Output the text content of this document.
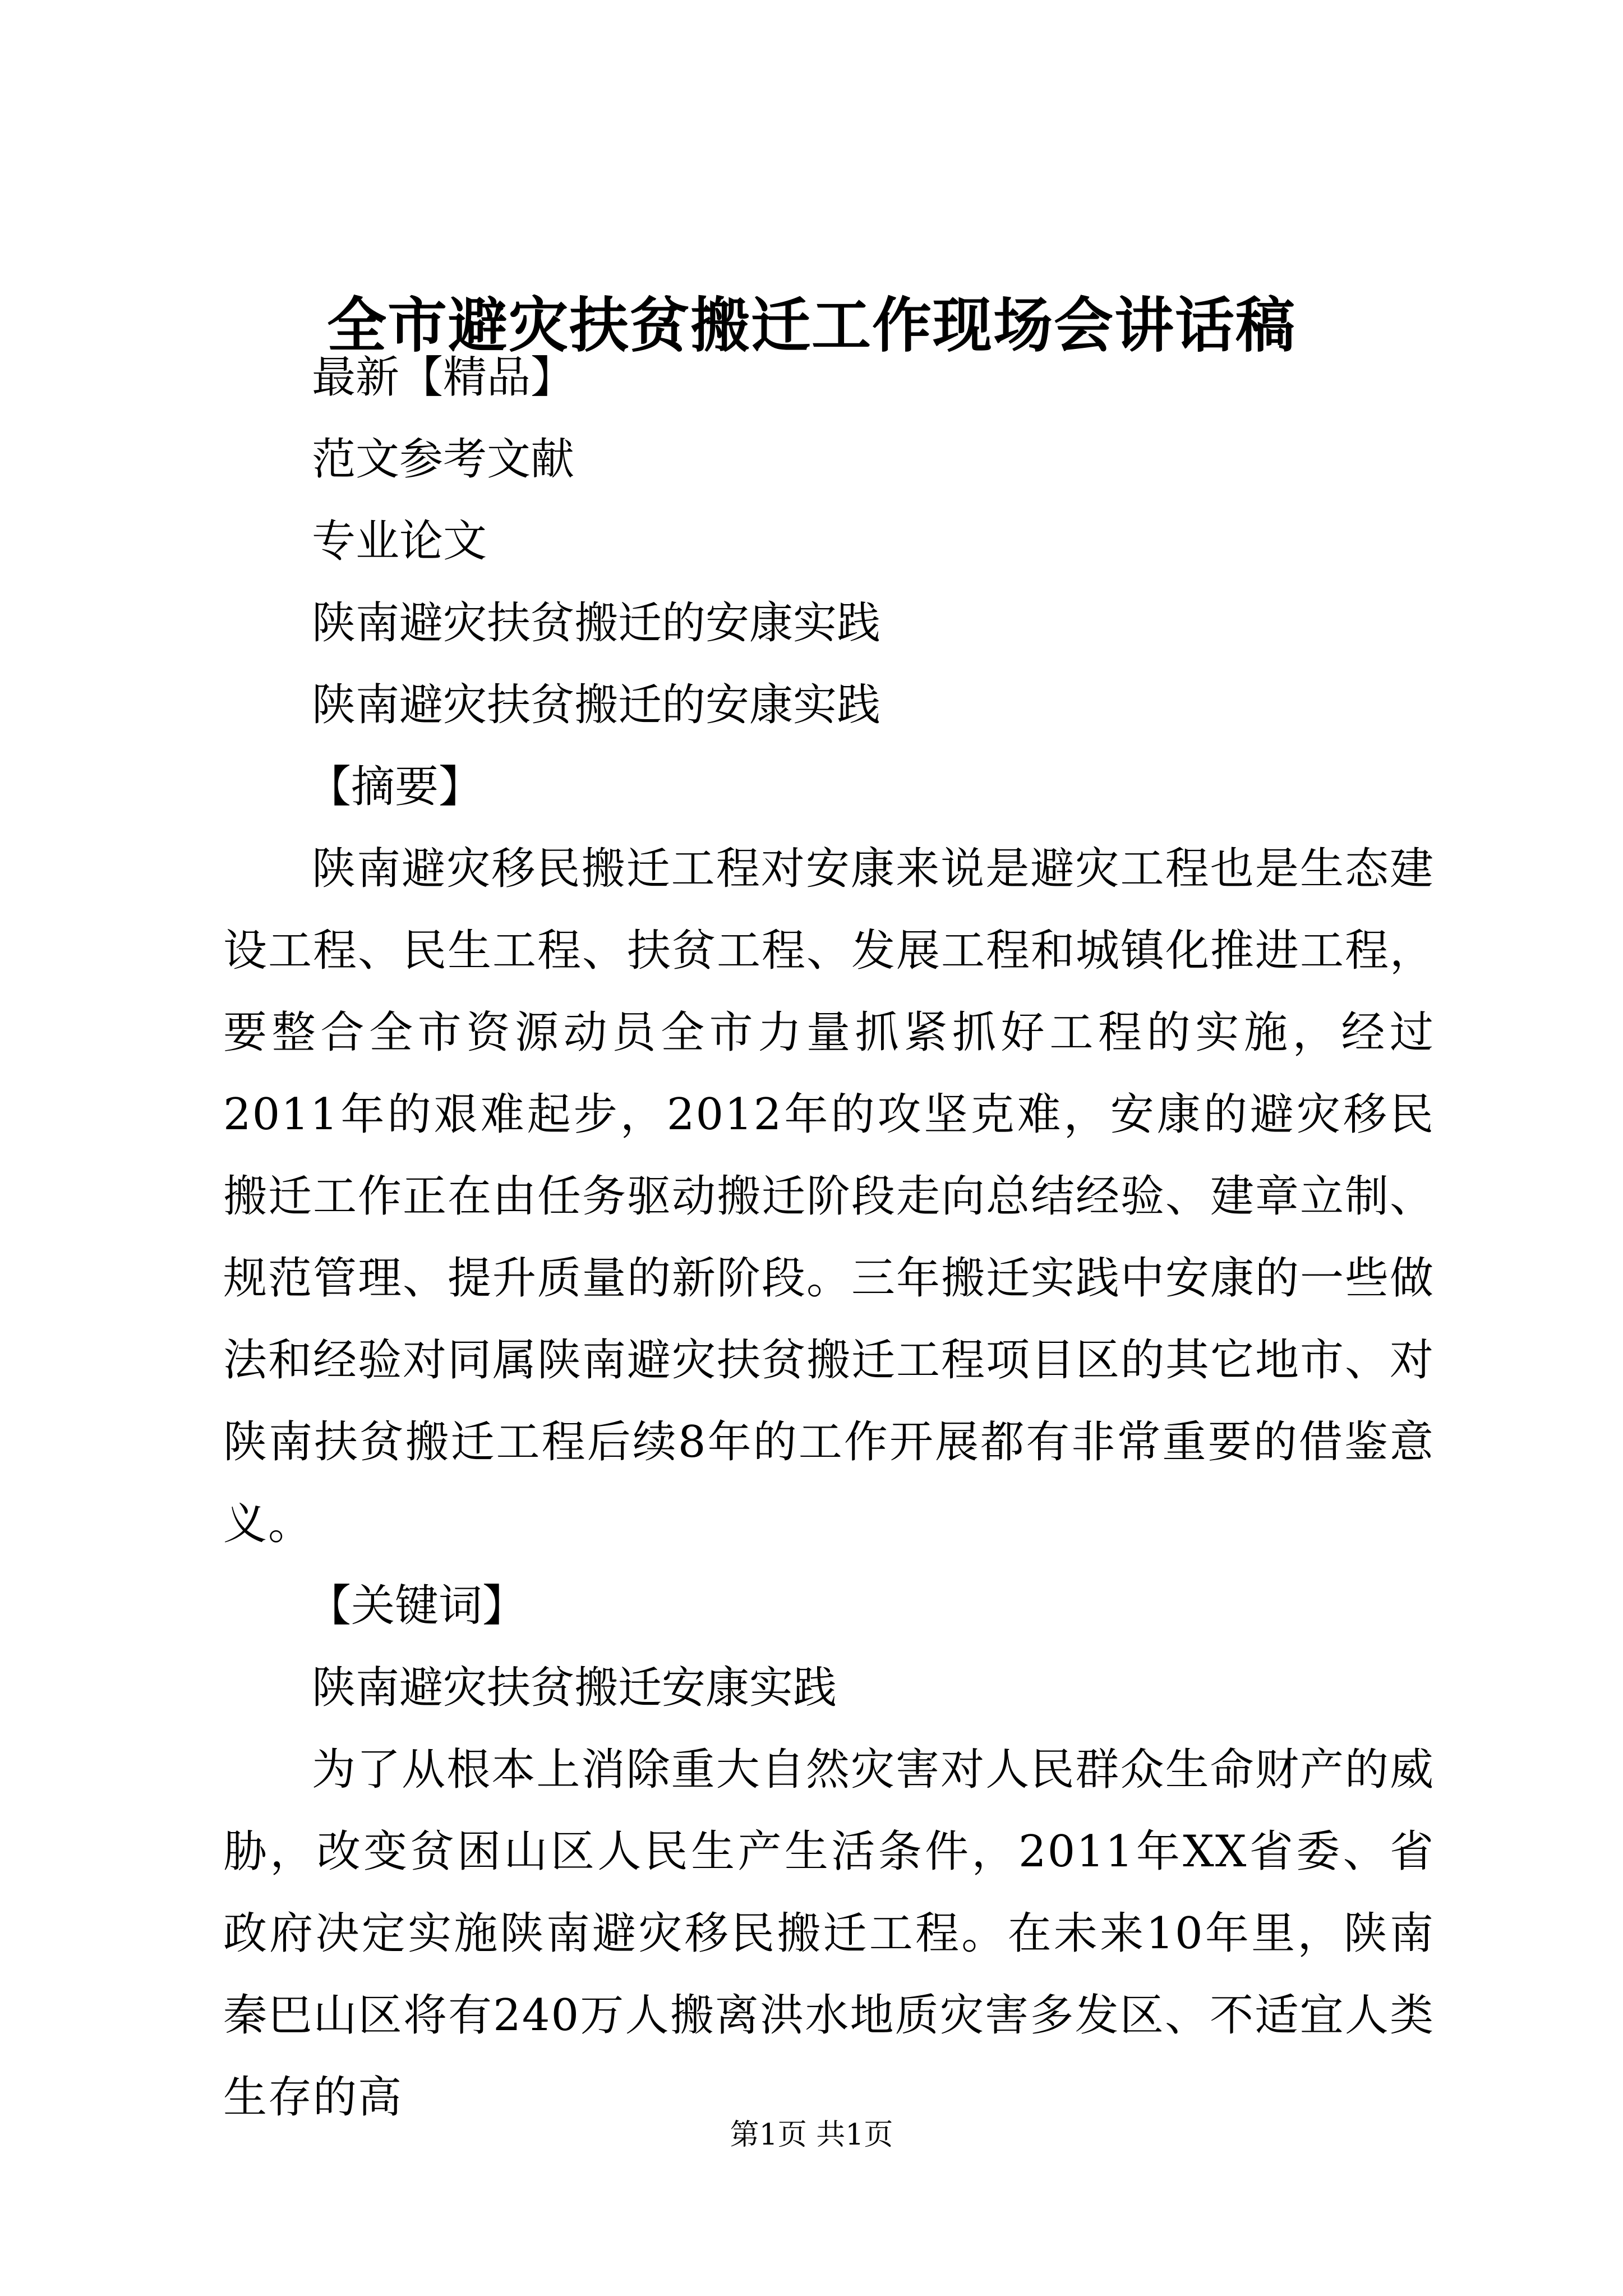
全市避灾扶贫搬迁工作现场会讲话稿

最新【精品】

范文参考文献

专业论文

陕南避灾扶贫搬迁的安康实践

陕南避灾扶贫搬迁的安康实践

【摘要】

陕南避灾移民搬迁工程对安康来说是避灾工程也是生态建设工程、民生工程、扶贫工程、发展工程和城镇化推进工程，要整合全市资源动员全市力量抓紧抓好工程的实施，经过2011年的艰难起步，2012年的攻坚克难，安康的避灾移民搬迁工作正在由任务驱动搬迁阶段走向总结经验、建章立制、规范管理、提升质量的新阶段。三年搬迁实践中安康的一些做法和经验对同属陕南避灾扶贫搬迁工程项目区的其它地市、对陕南扶贫搬迁工程后续8年的工作开展都有非常重要的借鉴意义。

【关键词】

陕南避灾扶贫搬迁安康实践

为了从根本上消除重大自然灾害对人民群众生命财产的威胁，改变贫困山区人民生产生活条件，2011年XX省委、省政府决定实施陕南避灾移民搬迁工程。在未来10年里，陕南秦巴山区将有240万人搬离洪水地质灾害多发区、不适宜人类生存的高

第1页 共1页
